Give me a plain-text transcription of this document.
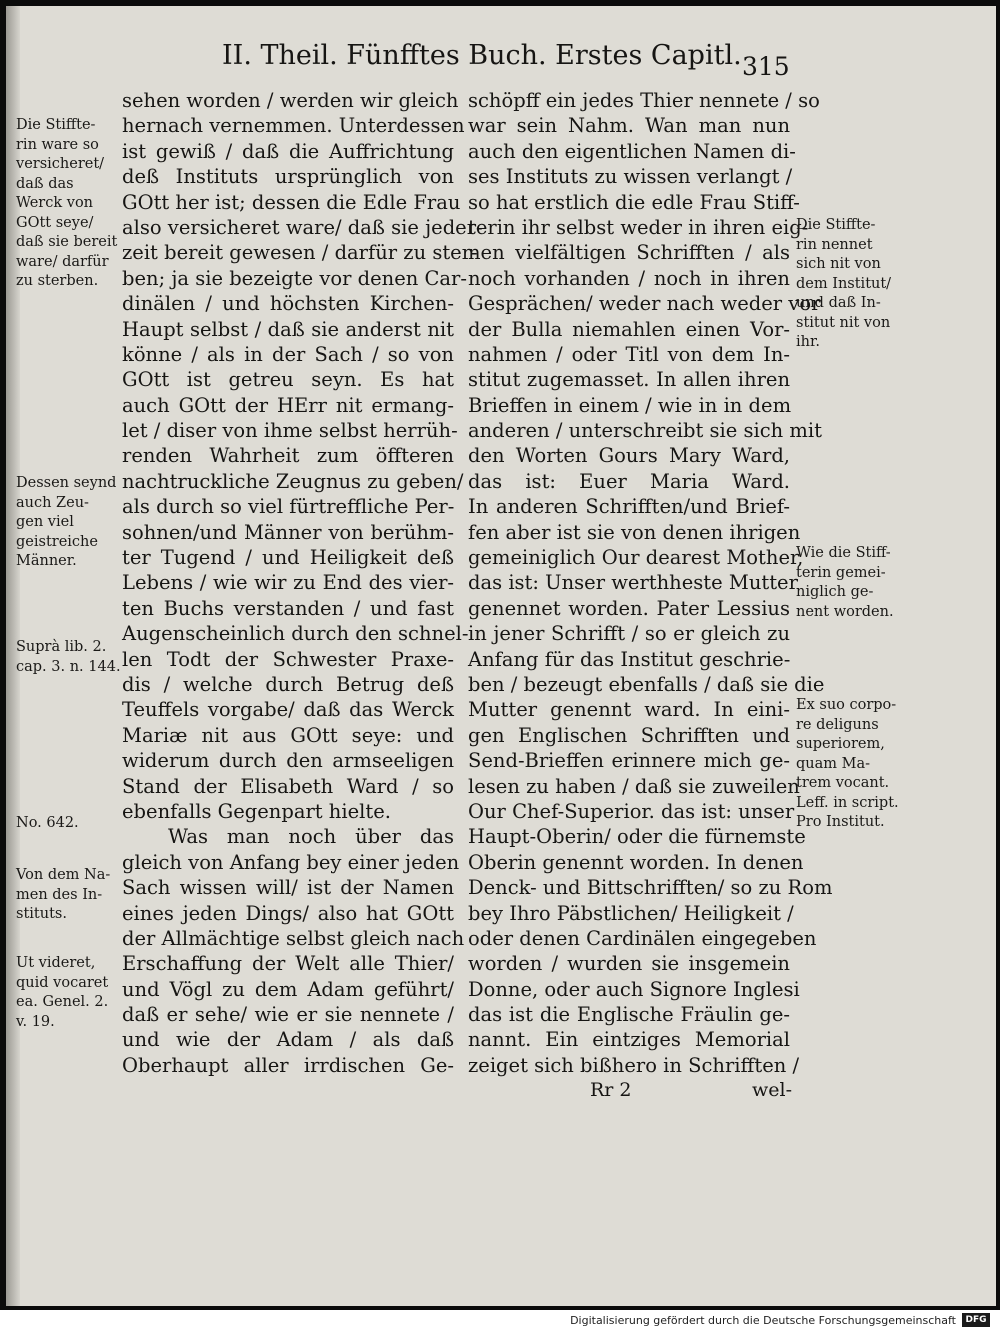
II. Theil. Fünfftes Buch. Erstes Capitl. 315
sehen worden / werden wir gleich
hernach vernemmen. Unterdessen
ist gewiß / daß die Auffrichtung
deß Instituts ursprünglich von
GOtt her ist; dessen die Edle Frau
also versicheret ware/ daß sie jeder-
zeit bereit gewesen / darfür zu ster-
ben; ja sie bezeigte vor denen Car-
dinälen / und höchsten Kirchen-
Haupt selbst / daß sie anderst nit
könne / als in der Sach / so von
GOtt ist getreu seyn. Es hat
auch GOtt der HErr nit ermang-
let / diser von ihme selbst herrüh-
renden Wahrheit zum öffteren
nachtruckliche Zeugnus zu geben/
als durch so viel fürtreffliche Per-
sohnen/und Männer von berühm-
ter Tugend / und Heiligkeit deß
Lebens / wie wir zu End des vier-
ten Buchs verstanden / und fast
Augenscheinlich durch den schnel-
len Todt der Schwester Praxe-
dis / welche durch Betrug deß
Teuffels vorgabe/ daß das Werck
Mariæ nit aus GOtt seye: und
widerum durch den armseeligen
Stand der Elisabeth Ward / so
ebenfalls Gegenpart hielte.
Was man noch über das
gleich von Anfang bey einer jeden
Sach wissen will/ ist der Namen
eines jeden Dings/ also hat GOtt
der Allmächtige selbst gleich nach
Erschaffung der Welt alle Thier/
und Vögl zu dem Adam geführt/
daß er sehe/ wie er sie nennete /
und wie der Adam / als daß
Oberhaupt aller irrdischen Ge-
schöpff ein jedes Thier nennete / so
war sein Nahm. Wan man nun
auch den eigentlichen Namen di-
ses Instituts zu wissen verlangt /
so hat erstlich die edle Frau Stiff-
terin ihr selbst weder in ihren eig-
nen vielfältigen Schrifften / als
noch vorhanden / noch in ihren
Gesprächen/ weder nach weder vor
der Bulla niemahlen einen Vor-
nahmen / oder Titl von dem In-
stitut zugemasset. In allen ihren
Brieffen in einem / wie in in dem
anderen / unterschreibt sie sich mit
den Worten Gours Mary Ward,
das ist: Euer Maria Ward.
In anderen Schrifften/und Brief-
fen aber ist sie von denen ihrigen
gemeiniglich Our dearest Mother,
das ist: Unser werthheste Mutter
genennet worden. Pater Lessius
in jener Schrifft / so er gleich zu
Anfang für das Institut geschrie-
ben / bezeugt ebenfalls / daß sie die
Mutter genennt ward. In eini-
gen Englischen Schrifften und
Send-Brieffen erinnere mich ge-
lesen zu haben / daß sie zuweilen
Our Chef-Superior. das ist: unser
Haupt-Oberin/ oder die fürnemste
Oberin genennt worden. In denen
Denck- und Bittschrifften/ so zu Rom
bey Ihro Päbstlichen/ Heiligkeit /
oder denen Cardinälen eingegeben
worden / wurden sie insgemein
Donne, oder auch Signore Inglesi
das ist die Englische Fräulin ge-
nannt. Ein eintziges Memorial
zeiget sich bißhero in Schrifften /
Die Stiffte-
rin ware so
versicheret/
daß das
Werck von
GOtt seye/
daß sie bereit
ware/ darfür
zu sterben.
Dessen seynd
auch Zeu-
gen viel
geistreiche
Männer.
Suprà lib. 2.
cap. 3. n. 144.
No. 642.
Von dem Na-
men des In-
stituts.
Ut videret,
quid vocaret
ea. Genel. 2.
v. 19.
Die Stiffte-
rin nennet
sich nit von
dem Institut/
und daß In-
stitut nit von
ihr.
Wie die Stiff-
terin gemei-
niglich ge-
nent worden.
Ex suo corpo-
re deliguns
superiorem,
quam Ma-
trem vocant.
Leff. in script.
Pro Institut.
Rr 2	wel-
Digitalisierung gefördert durch die Deutsche Forschungsgemeinschaft	DFG
